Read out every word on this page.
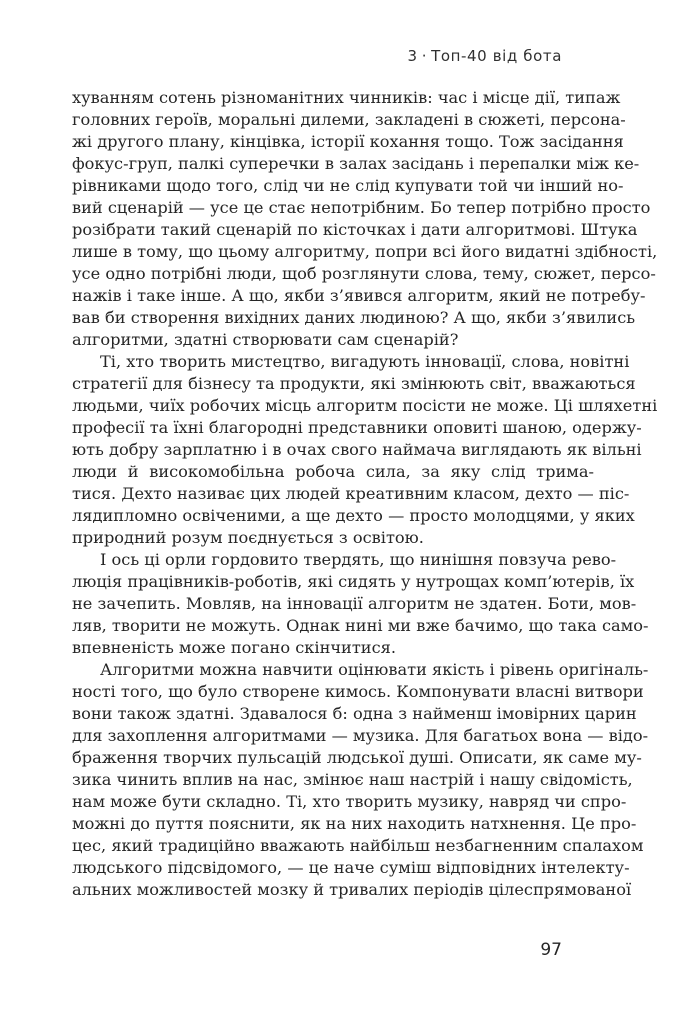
3 · Топ-40 від бота
хуванням сотень різноманітних чинників: час і місце дії, типаж
головних героїв, моральні дилеми, закладені в сюжеті, персона-
жі другого плану, кінцівка, історії кохання тощо. Тож засідання
фокус-груп, палкі суперечки в залах засідань і перепалки між ке-
рівниками щодо того, слід чи не слід купувати той чи інший но-
вий сценарій — усе це стає непотрібним. Бо тепер потрібно просто
розібрати такий сценарій по кісточках і дати алгоритмові. Штука
лише в тому, що цьому алгоритму, попри всі його видатні здібності,
усе одно потрібні люди, щоб розглянути слова, тему, сюжет, персо-
нажів і таке інше. А що, якби з’явився алгоритм, який не потребу-
вав би створення вихідних даних людиною? А що, якби з’явились
алгоритми, здатні створювати сам сценарій?
Ті, хто творить мистецтво, вигадують інновації, слова, новітні
стратегії для бізнесу та продукти, які змінюють світ, вважаються
людьми, чиїх робочих місць алгоритм посісти не може. Ці шляхетні
професії та їхні благородні представники оповиті шаною, одержу-
ють добру зарплатню і в очах свого наймача виглядають як вільні
люди й високомобільна робоча сила, за яку слід трима-
тися. Дехто називає цих людей креативним класом, дехто — піс-
лядипломно освіченими, а ще дехто — просто молодцями, у яких
природний розум поєднується з освітою.
І ось ці орли гордовито твердять, що нинішня повзуча рево-
люція працівників-роботів, які сидять у нутрощах комп’ютерів, їх
не зачепить. Мовляв, на інновації алгоритм не здатен. Боти, мов-
ляв, творити не можуть. Однак нині ми вже бачимо, що така само-
впевненість може погано скінчитися.
Алгоритми можна навчити оцінювати якість і рівень оригіналь-
ності того, що було створене кимось. Компонувати власні витвори
вони також здатні. Здавалося б: одна з найменш імовірних царин
для захоплення алгоритмами — музика. Для багатьох вона — відо-
браження творчих пульсацій людської душі. Описати, як саме му-
зика чинить вплив на нас, змінює наш настрій і нашу свідомість,
нам може бути складно. Ті, хто творить музику, навряд чи спро-
можні до пуття пояснити, як на них находить натхнення. Це про-
цес, який традиційно вважають найбільш незбагненним спалахом
людського підсвідомого, — це наче суміш відповідних інтелекту-
альних можливостей мозку й тривалих періодів цілеспрямованої
97
